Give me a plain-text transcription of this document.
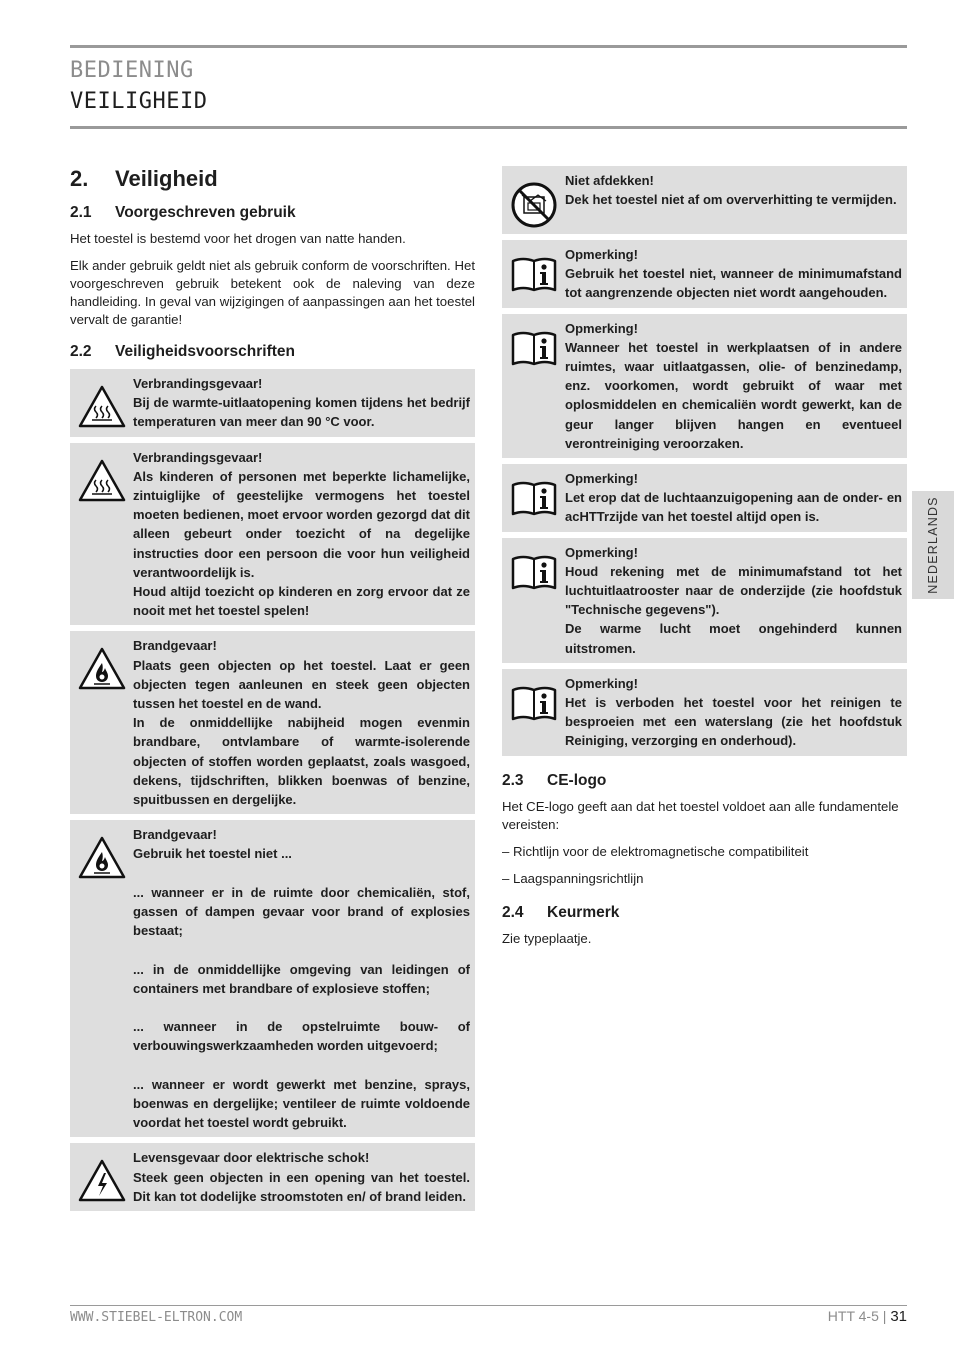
BEDIENING
VEILIGHEID
2.	Veiligheid
2.1	Voorgeschreven gebruik

Het toestel is bestemd voor het drogen van natte handen.

Elk ander gebruik geldt niet als gebruik conform de voorschriften. Het voorgeschreven gebruik betekent ook de naleving van deze handleiding. In geval van wijzigingen of aanpassingen aan het toestel vervalt de garantie!

2.2	Veiligheidsvoorschriften
Verbrandingsgevaar!
Bij de warmte-uitlaatopening komen tijdens het bedrijf temperaturen van meer dan 90 °C voor.
Verbrandingsgevaar!
Als kinderen of personen met beperkte lichamelijke, zintuiglijke of geestelijke vermogens het toestel moeten bedienen, moet ervoor worden gezorgd dat dit alleen gebeurt onder toezicht of na degelijke instructies door een persoon die voor hun veiligheid verantwoordelijk is.
Houd altijd toezicht op kinderen en zorg ervoor dat ze nooit met het toestel spelen!
Brandgevaar!
Plaats geen objecten op het toestel. Laat er geen objecten tegen aanleunen en steek geen objecten tussen het toestel en de wand.
In de onmiddellijke nabijheid mogen evenmin brandbare, ontvlambare of warmte-isolerende objecten of stoffen worden geplaatst, zoals wasgoed, dekens, tijdschriften, blikken boenwas of benzine, spuitbussen en dergelijke.
Brandgevaar!
Gebruik het toestel niet ...
... wanneer er in de ruimte door chemicaliën, stof, gassen of dampen gevaar voor brand of explosies bestaat;
... in de onmiddellijke omgeving van leidingen of containers met brandbare of explosieve stoffen;
... wanneer in de opstelruimte bouw- of verbouwingswerkzaamheden worden uitgevoerd;
... wanneer er wordt gewerkt met benzine, sprays, boenwas en dergelijke; ventileer de ruimte voldoende voordat het toestel wordt gebruikt.
Levensgevaar door elektrische schok!
Steek geen objecten in een opening van het toestel. Dit kan tot dodelijke stroomstoten en/ of brand leiden.
Niet afdekken!
Dek het toestel niet af om oververhitting te vermijden.
Opmerking!
Gebruik het toestel niet, wanneer de minimumafstand tot aangrenzende objecten niet wordt aangehouden.
Opmerking!
Wanneer het toestel in werkplaatsen of in andere ruimtes, waar uitlaatgassen, olie- of benzinedamp, enz. voorkomen, wordt gebruikt of waar met oplosmiddelen en chemicaliën wordt gewerkt, kan de geur langer blijven hangen en eventueel verontreiniging veroorzaken.
Opmerking!
Let erop dat de luchtaanzuigopening aan de onder- en acHTTrzijde van het toestel altijd open is.
Opmerking!
Houd rekening met de minimumafstand tot het luchtuitlaatrooster naar de onderzijde (zie hoofdstuk "Technische gegevens").
De warme lucht moet ongehinderd kunnen uitstromen.
Opmerking!
Het is verboden het toestel voor het reinigen te besproeien met een waterslang (zie het hoofdstuk Reiniging, verzorging en onderhoud).
2.3	CE-logo

Het CE-logo geeft aan dat het toestel voldoet aan alle fundamentele vereisten:

– Richtlijn voor de elektromagnetische compatibiliteit

– Laagspanningsrichtlijn

2.4	Keurmerk

Zie typeplaatje.

NEDERLANDS
WWW.STIEBEL-ELTRON.COM	HTT 4-5 | 31
